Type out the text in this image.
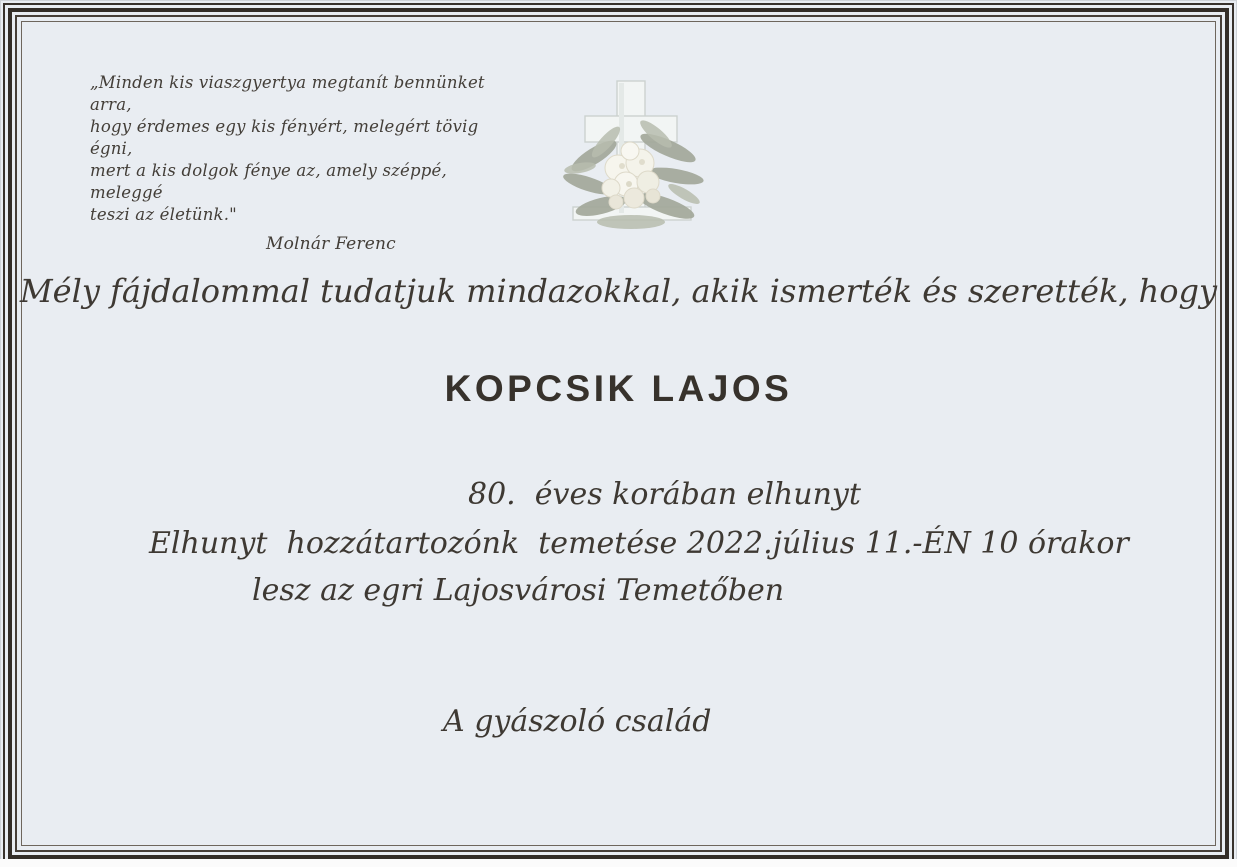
„Minden kis viaszgyertya megtanít bennünket arra,
hogy érdemes egy kis fényért, melegért tövig égni,
mert a kis dolgok fénye az, amely széppé, meleggé
teszi az életünk."
Molnár Ferenc
Mély fájdalommal tudatjuk mindazokkal, akik ismerték és szerették, hogy
KOPCSIK LAJOS
80.  éves korában elhunyt
Elhunyt  hozzátartozónk  temetése 2022.július 11.-ÉN 10 órakor
lesz az egri Lajosvárosi Temetőben
A gyászoló család
